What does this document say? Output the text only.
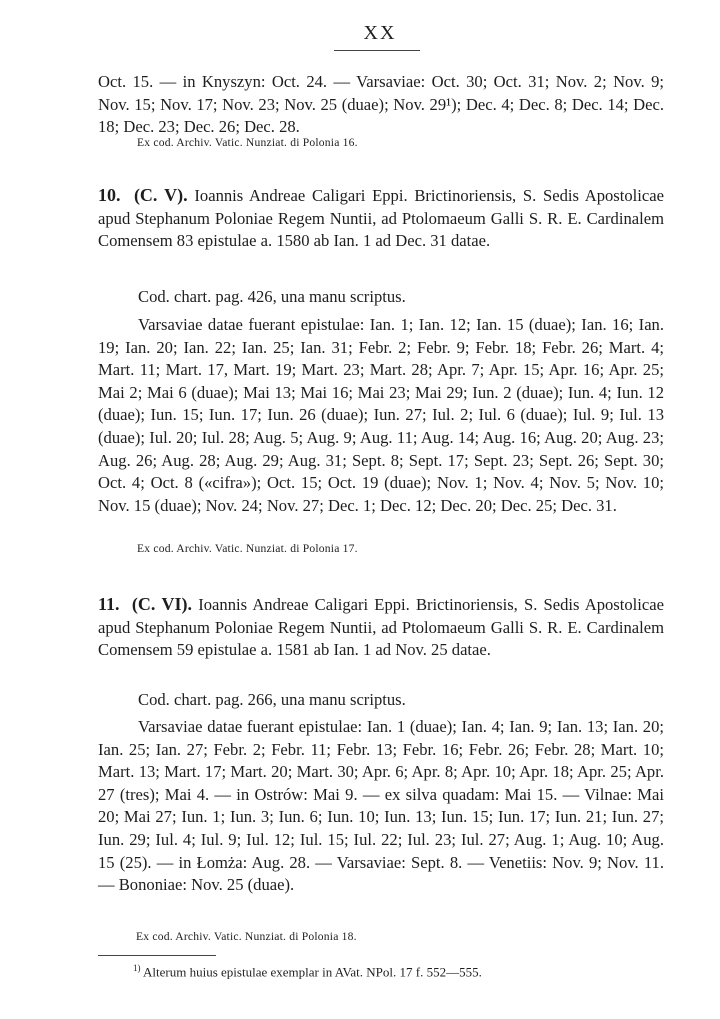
XX
Oct. 15. — in Knyszyn: Oct. 24. — Varsaviae: Oct. 30; Oct. 31; Nov. 2; Nov. 9; Nov. 15; Nov. 17; Nov. 23; Nov. 25 (duae); Nov. 29¹); Dec. 4; Dec. 8; Dec. 14; Dec. 18; Dec. 23; Dec. 26; Dec. 28.
Ex cod. Archiv. Vatic. Nunziat. di Polonia 16.
10. (C. V). Ioannis Andreae Caligari Eppi. Brictinoriensis, S. Sedis Apostolicae apud Stephanum Poloniae Regem Nuntii, ad Ptolomaeum Galli S. R. E. Cardinalem Comensem 83 epistulae a. 1580 ab Ian. 1 ad Dec. 31 datae.
Cod. chart. pag. 426, una manu scriptus.
Varsaviae datae fuerant epistulae: Ian. 1; Ian. 12; Ian. 15 (duae); Ian. 16; Ian. 19; Ian. 20; Ian. 22; Ian. 25; Ian. 31; Febr. 2; Febr. 9; Febr. 18; Febr. 26; Mart. 4; Mart. 11; Mart. 17, Mart. 19; Mart. 23; Mart. 28; Apr. 7; Apr. 15; Apr. 16; Apr. 25; Mai 2; Mai 6 (duae); Mai 13; Mai 16; Mai 23; Mai 29; Iun. 2 (duae); Iun. 4; Iun. 12 (duae); Iun. 15; Iun. 17; Iun. 26 (duae); Iun. 27; Iul. 2; Iul. 6 (duae); Iul. 9; Iul. 13 (duae); Iul. 20; Iul. 28; Aug. 5; Aug. 9; Aug. 11; Aug. 14; Aug. 16; Aug. 20; Aug. 23; Aug. 26; Aug. 28; Aug. 29; Aug. 31; Sept. 8; Sept. 17; Sept. 23; Sept. 26; Sept. 30; Oct. 4; Oct. 8 («cifra»); Oct. 15; Oct. 19 (duae); Nov. 1; Nov. 4; Nov. 5; Nov. 10; Nov. 15 (duae); Nov. 24; Nov. 27; Dec. 1; Dec. 12; Dec. 20; Dec. 25; Dec. 31.
Ex cod. Archiv. Vatic. Nunziat. di Polonia 17.
11. (C. VI). Ioannis Andreae Caligari Eppi. Brictinoriensis, S. Sedis Apostolicae apud Stephanum Poloniae Regem Nuntii, ad Ptolomaeum Galli S. R. E. Cardinalem Comensem 59 epistulae a. 1581 ab Ian. 1 ad Nov. 25 datae.
Cod. chart. pag. 266, una manu scriptus.
Varsaviae datae fuerant epistulae: Ian. 1 (duae); Ian. 4; Ian. 9; Ian. 13; Ian. 20; Ian. 25; Ian. 27; Febr. 2; Febr. 11; Febr. 13; Febr. 16; Febr. 26; Febr. 28; Mart. 10; Mart. 13; Mart. 17; Mart. 20; Mart. 30; Apr. 6; Apr. 8; Apr. 10; Apr. 18; Apr. 25; Apr. 27 (tres); Mai 4. — in Ostrów: Mai 9. — ex silva quadam: Mai 15. — Vilnae: Mai 20; Mai 27; Iun. 1; Iun. 3; Iun. 6; Iun. 10; Iun. 13; Iun. 15; Iun. 17; Iun. 21; Iun. 27; Iun. 29; Iul. 4; Iul. 9; Iul. 12; Iul. 15; Iul. 22; Iul. 23; Iul. 27; Aug. 1; Aug. 10; Aug. 15 (25). — in Łomża: Aug. 28. — Varsaviae: Sept. 8. — Venetiis: Nov. 9; Nov. 11. — Bononiae: Nov. 25 (duae).
Ex cod. Archiv. Vatic. Nunziat. di Polonia 18.
$^{1)}$ Alterum huius epistulae exemplar in AVat. NPol. 17 f. 552—555.
